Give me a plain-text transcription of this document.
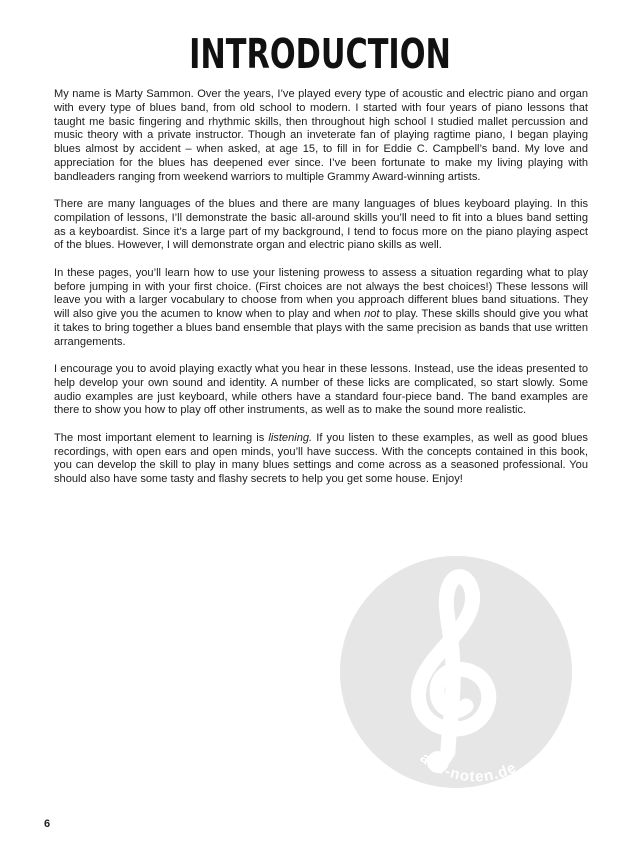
INTRODUCTION

My name is Marty Sammon. Over the years, I’ve played every type of acoustic and electric piano and organ with every type of blues band, from old school to modern. I started with four years of piano lessons that taught me basic fingering and rhythmic skills, then throughout high school I studied mallet percussion and music theory with a private instructor. Though an inveterate fan of playing ragtime piano, I began playing blues almost by accident – when asked, at age 15, to fill in for Eddie C. Campbell’s band. My love and appreciation for the blues has deepened ever since. I’ve been fortunate to make my living playing with bandleaders ranging from weekend warriors to multiple Grammy Award-winning artists.

There are many languages of the blues and there are many languages of blues keyboard playing. In this compilation of lessons, I’ll demonstrate the basic all-around skills you’ll need to fit into a blues band setting as a keyboardist. Since it’s a large part of my background, I tend to focus more on the piano playing aspect of the blues. However, I will demonstrate organ and electric piano skills as well.

In these pages, you’ll learn how to use your listening prowess to assess a situation regarding what to play before jumping in with your first choice. (First choices are not always the best choices!) These lessons will leave you with a larger vocabulary to choose from when you approach different blues band situations. They will also give you the acumen to know when to play and when not to play. These skills should give you what it takes to bring together a blues band ensemble that plays with the same precision as bands that use written arrangements.

I encourage you to avoid playing exactly what you hear in these lessons. Instead, use the ideas presented to help develop your own sound and identity. A number of these licks are complicated, so start slowly. Some audio examples are just keyboard, while others have a standard four-piece band. The band examples are there to show you how to play off other instruments, as well as to make the sound more realistic.

The most important element to learning is listening. If you listen to these examples, as well as good blues recordings, with open ears and open minds, you’ll have success. With the concepts contained in this book, you can develop the skill to play in many blues settings and come across as a seasoned professional. You should also have some tasty and flashy secrets to help you get some house. Enjoy!

alle-noten.de
6
